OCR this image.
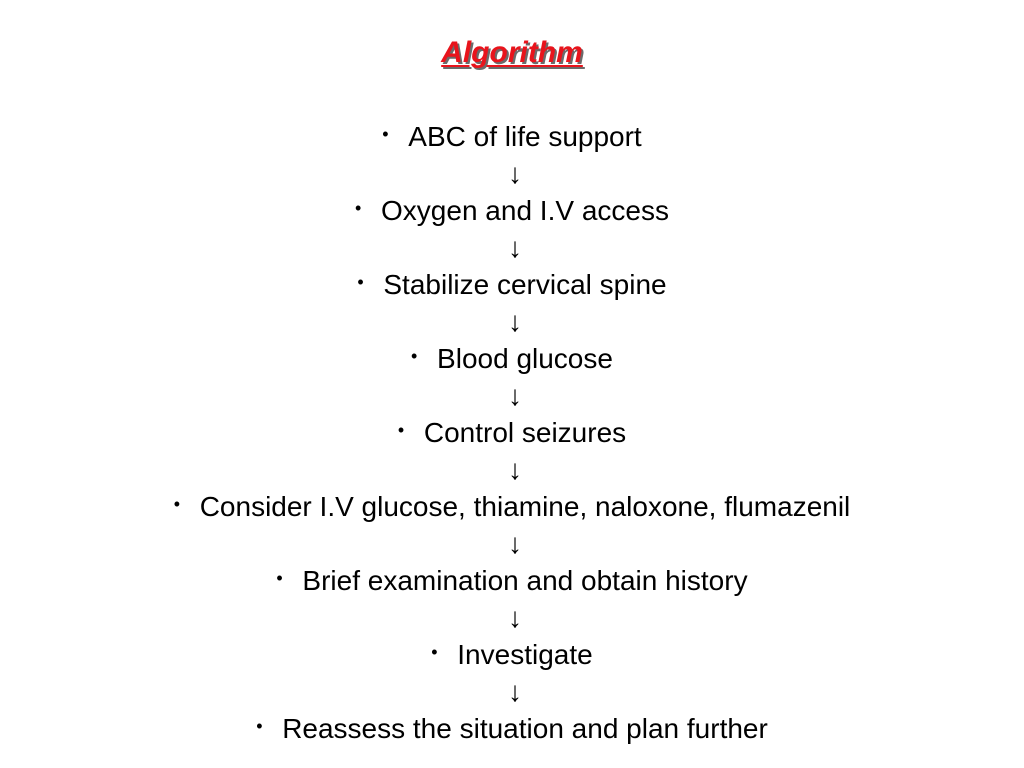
Algorithm
• ABC of life support
↓
• Oxygen and I.V access
↓
• Stabilize cervical spine
↓
• Blood glucose
↓
• Control seizures
↓
• Consider I.V glucose, thiamine, naloxone, flumazenil
↓
• Brief examination and obtain history
↓
• Investigate
↓
• Reassess the situation and plan further
